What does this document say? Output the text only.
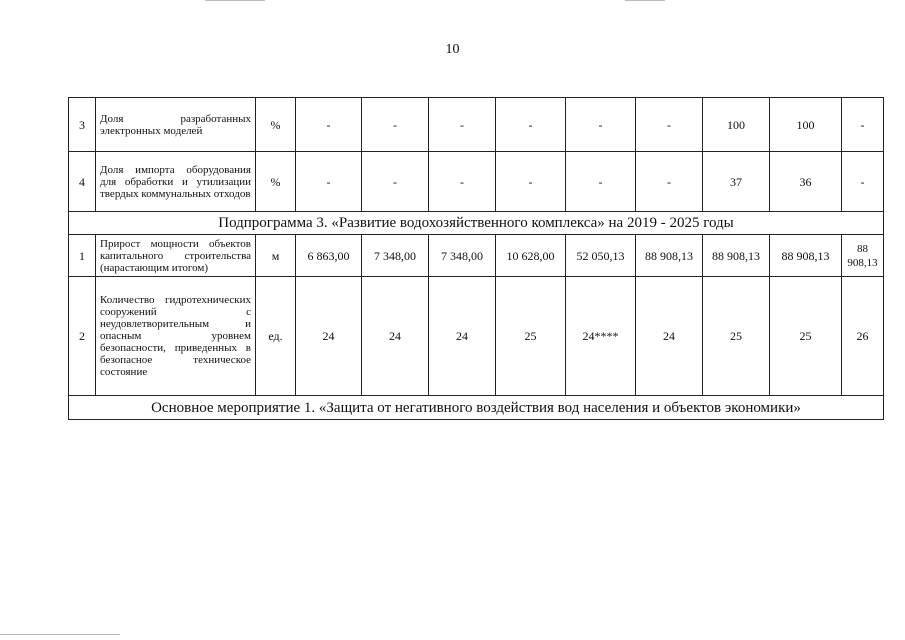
10
3	Доля разработанных электронных моделей	%	-	-	-	-	-	-	100	100	-
4	Доля импорта оборудования для обработки и утилизации твердых коммунальных отходов	%	-	-	-	-	-	-	37	36	-
Подпрограмма 3. «Развитие водохозяйственного комплекса» на 2019 - 2025 годы											
1	Прирост мощности объектов капитального строительства (нарастающим итогом)	м	6 863,00	7 348,00	7 348,00	10 628,00	52 050,13	88 908,13	88 908,13	88 908,13	88 908,13
2	Количество гидротехнических сооружений с неудовлетворительным и опасным уровнем безопасности, приведенных в безопасное техническое состояние	ед.	24	24	24	25	24****	24	25	25	26
Основное мероприятие 1. «Защита от негативного воздействия вод населения и объектов экономики»											
